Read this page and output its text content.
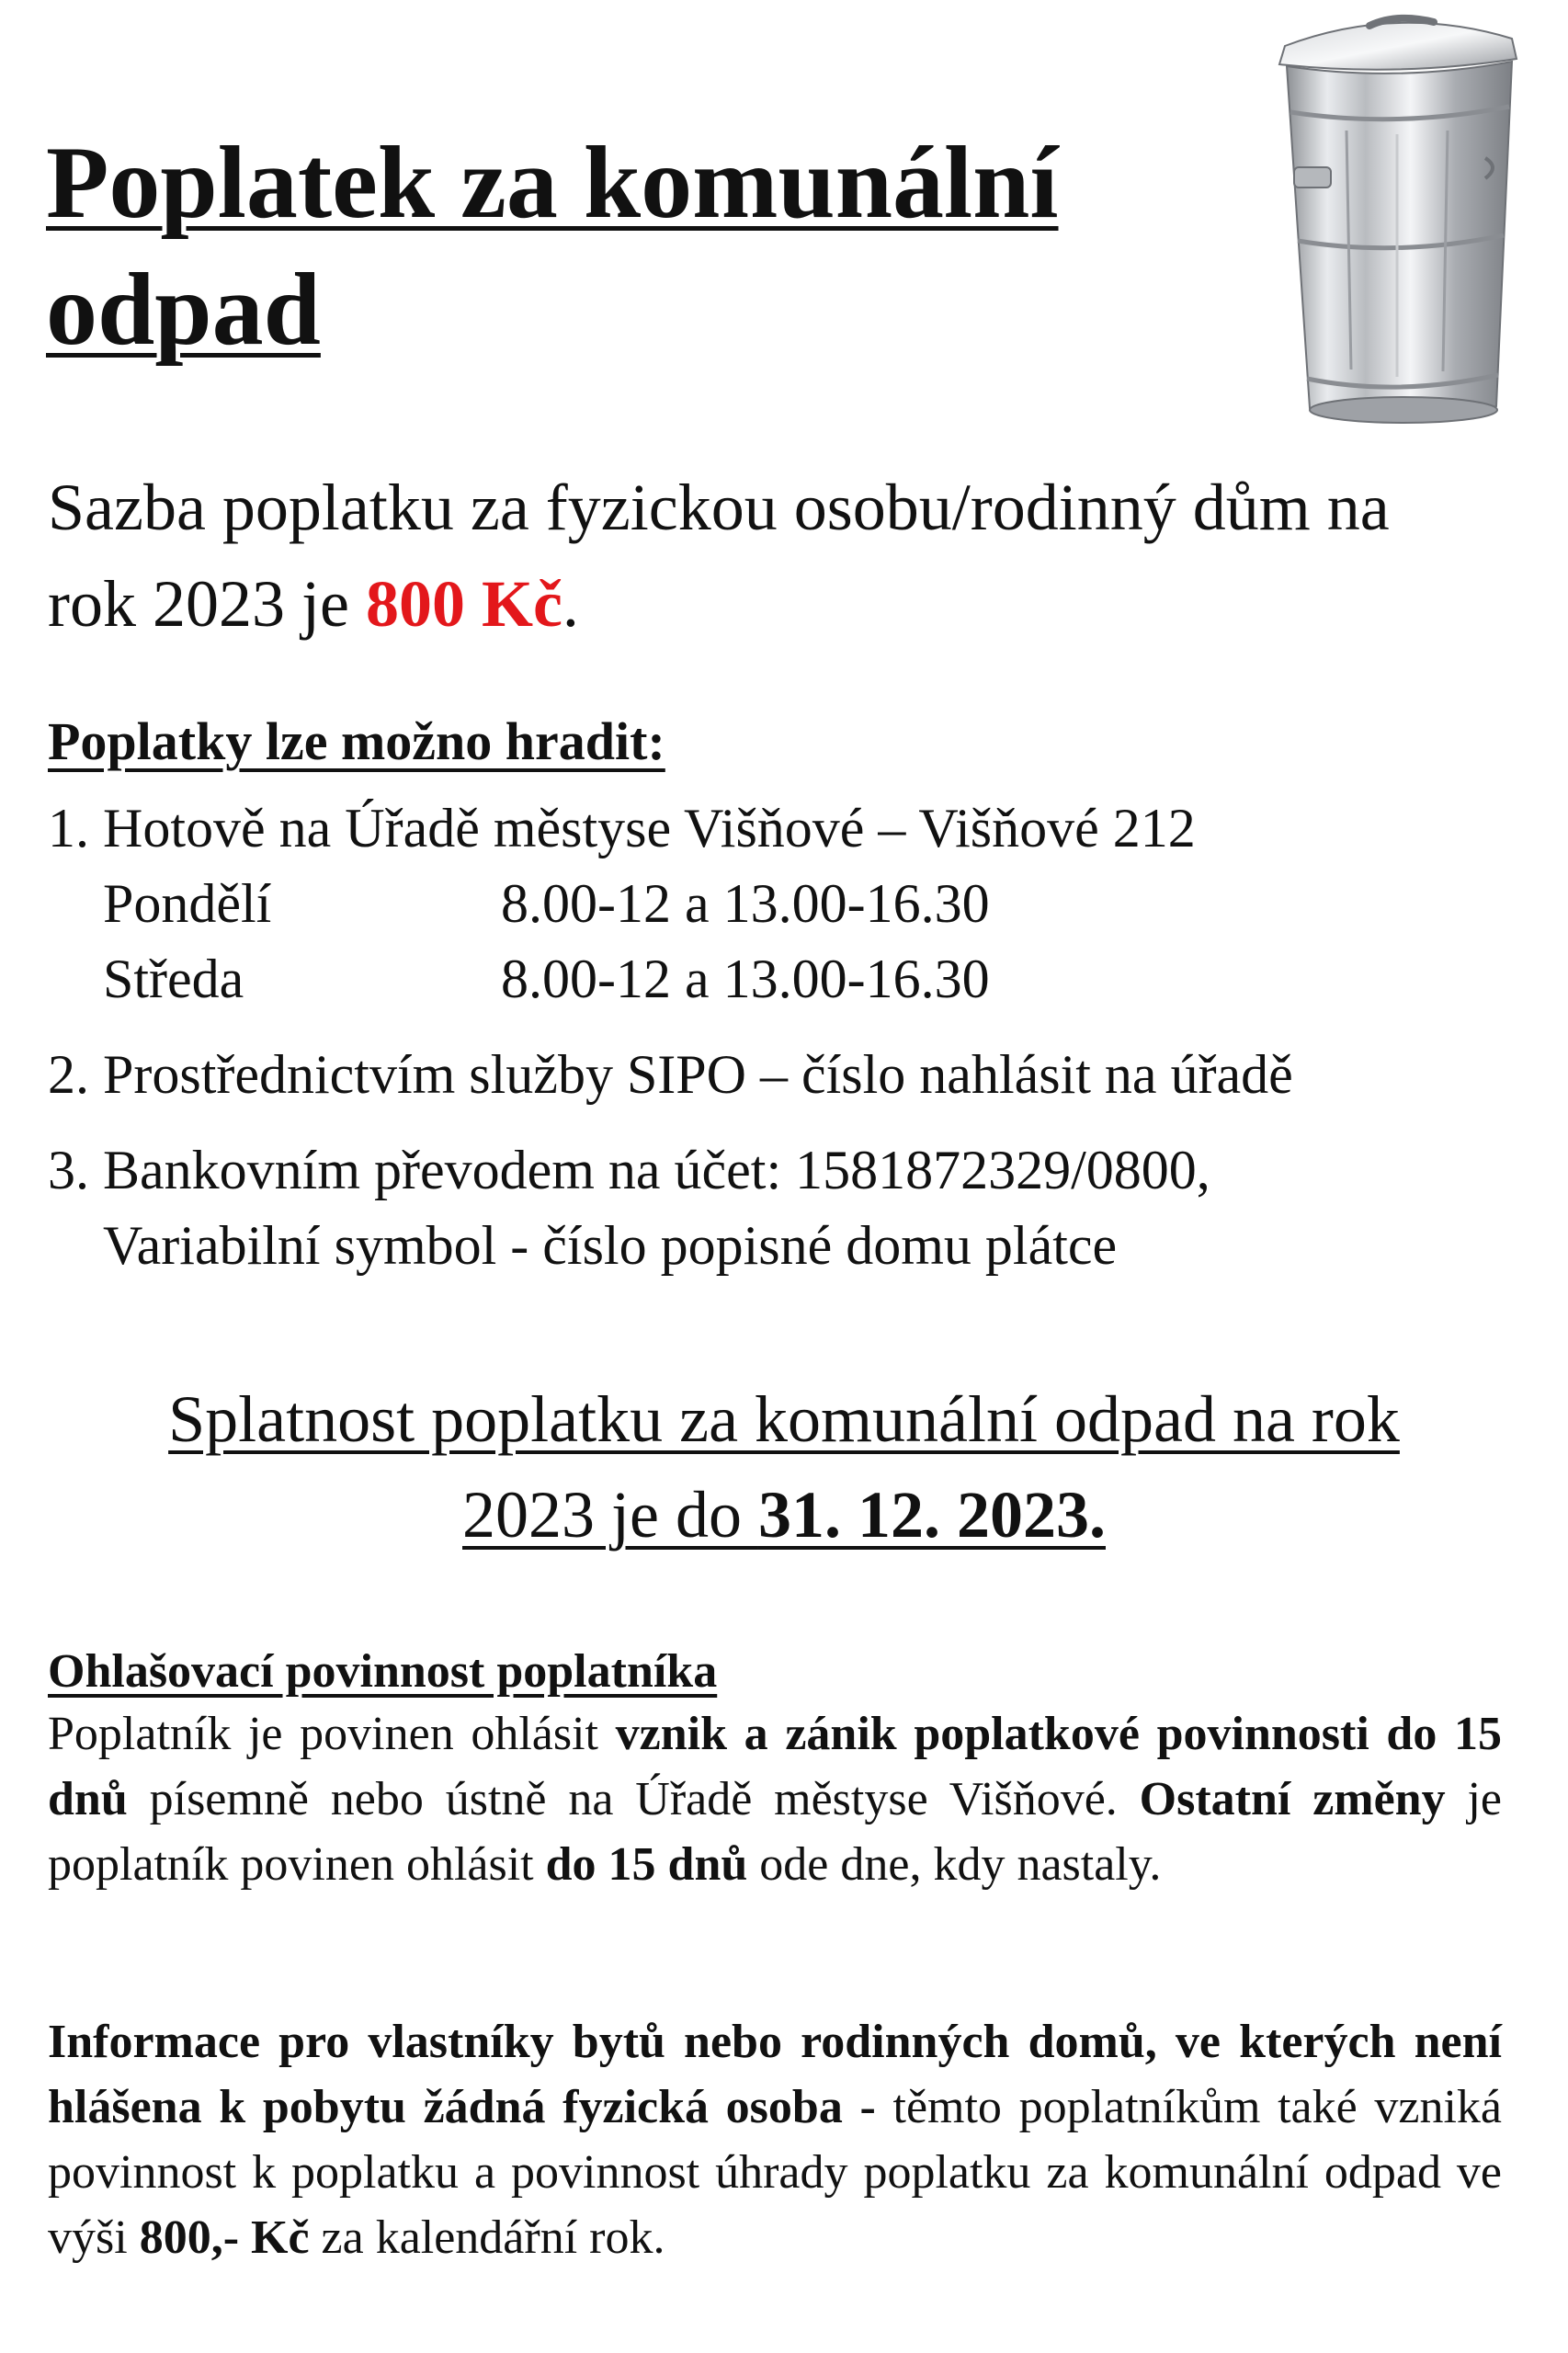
Poplatek za komunální odpad
Sazba poplatku za fyzickou osobu/rodinný dům na rok 2023 je 800 Kč.
Poplatky lze možno hradit:
1. Hotově na Úřadě městyse Višňové – Višňové 212
Pondělí	8.00-12 a 13.00-16.30
Středa	8.00-12 a 13.00-16.30
2. Prostřednictvím služby SIPO – číslo nahlásit na úřadě
3. Bankovním převodem na účet: 1581872329/0800,
Variabilní symbol - číslo popisné domu plátce
Splatnost poplatku za komunální odpad na rok
2023 je do 31. 12. 2023.
Ohlašovací povinnost poplatníka
Poplatník je povinen ohlásit vznik a zánik poplatkové povinnosti do 15 dnů písemně nebo ústně na Úřadě městyse Višňové. Ostatní změny je poplatník povinen ohlásit do 15 dnů ode dne, kdy nastaly.
Informace pro vlastníky bytů nebo rodinných domů, ve kterých není hlášena k pobytu žádná fyzická osoba - těmto poplatníkům také vzniká povinnost k poplatku a povinnost úhrady poplatku za komunální odpad ve výši 800,- Kč za kalendářní rok.
